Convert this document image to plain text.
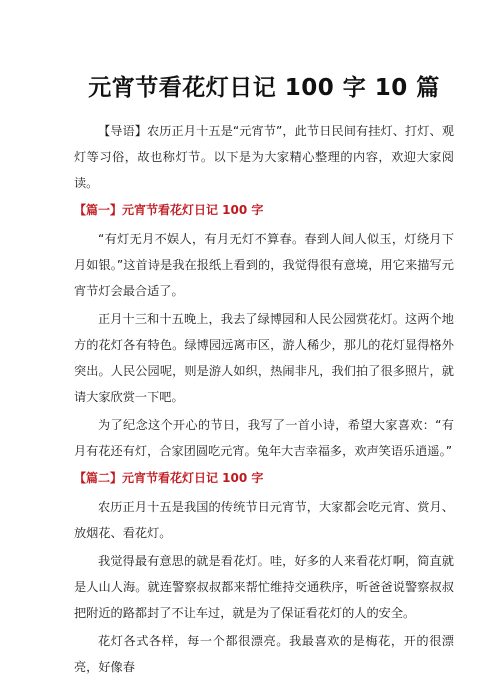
元宵节看花灯日记 100 字 10 篇

【导语】农历正月十五是“元宵节”，此节日民间有挂灯、打灯、观灯等习俗，故也称灯节。以下是为大家精心整理的内容，欢迎大家阅读。

【篇一】元宵节看花灯日记 100 字

“有灯无月不娱人，有月无灯不算春。春到人间人似玉，灯绕月下月如银。”这首诗是我在报纸上看到的，我觉得很有意境，用它来描写元宵节灯会最合适了。

正月十三和十五晚上，我去了绿博园和人民公园赏花灯。这两个地方的花灯各有特色。绿博园远离市区，游人稀少，那儿的花灯显得格外突出。人民公园呢，则是游人如织，热闹非凡，我们拍了很多照片，就请大家欣赏一下吧。

为了纪念这个开心的节日，我写了一首小诗，希望大家喜欢：“有月有花还有灯，合家团圆吃元宵。兔年大吉幸福多，欢声笑语乐逍遥。”

【篇二】元宵节看花灯日记 100 字

农历正月十五是我国的传统节日元宵节，大家都会吃元宵、赏月、放烟花、看花灯。

我觉得最有意思的就是看花灯。哇，好多的人来看花灯啊，简直就是人山人海。就连警察叔叔都来帮忙维持交通秩序，听爸爸说警察叔叔把附近的路都封了不让车过，就是为了保证看花灯的人的安全。

花灯各式各样，每一个都很漂亮。我最喜欢的是梅花，开的很漂亮，好像春
